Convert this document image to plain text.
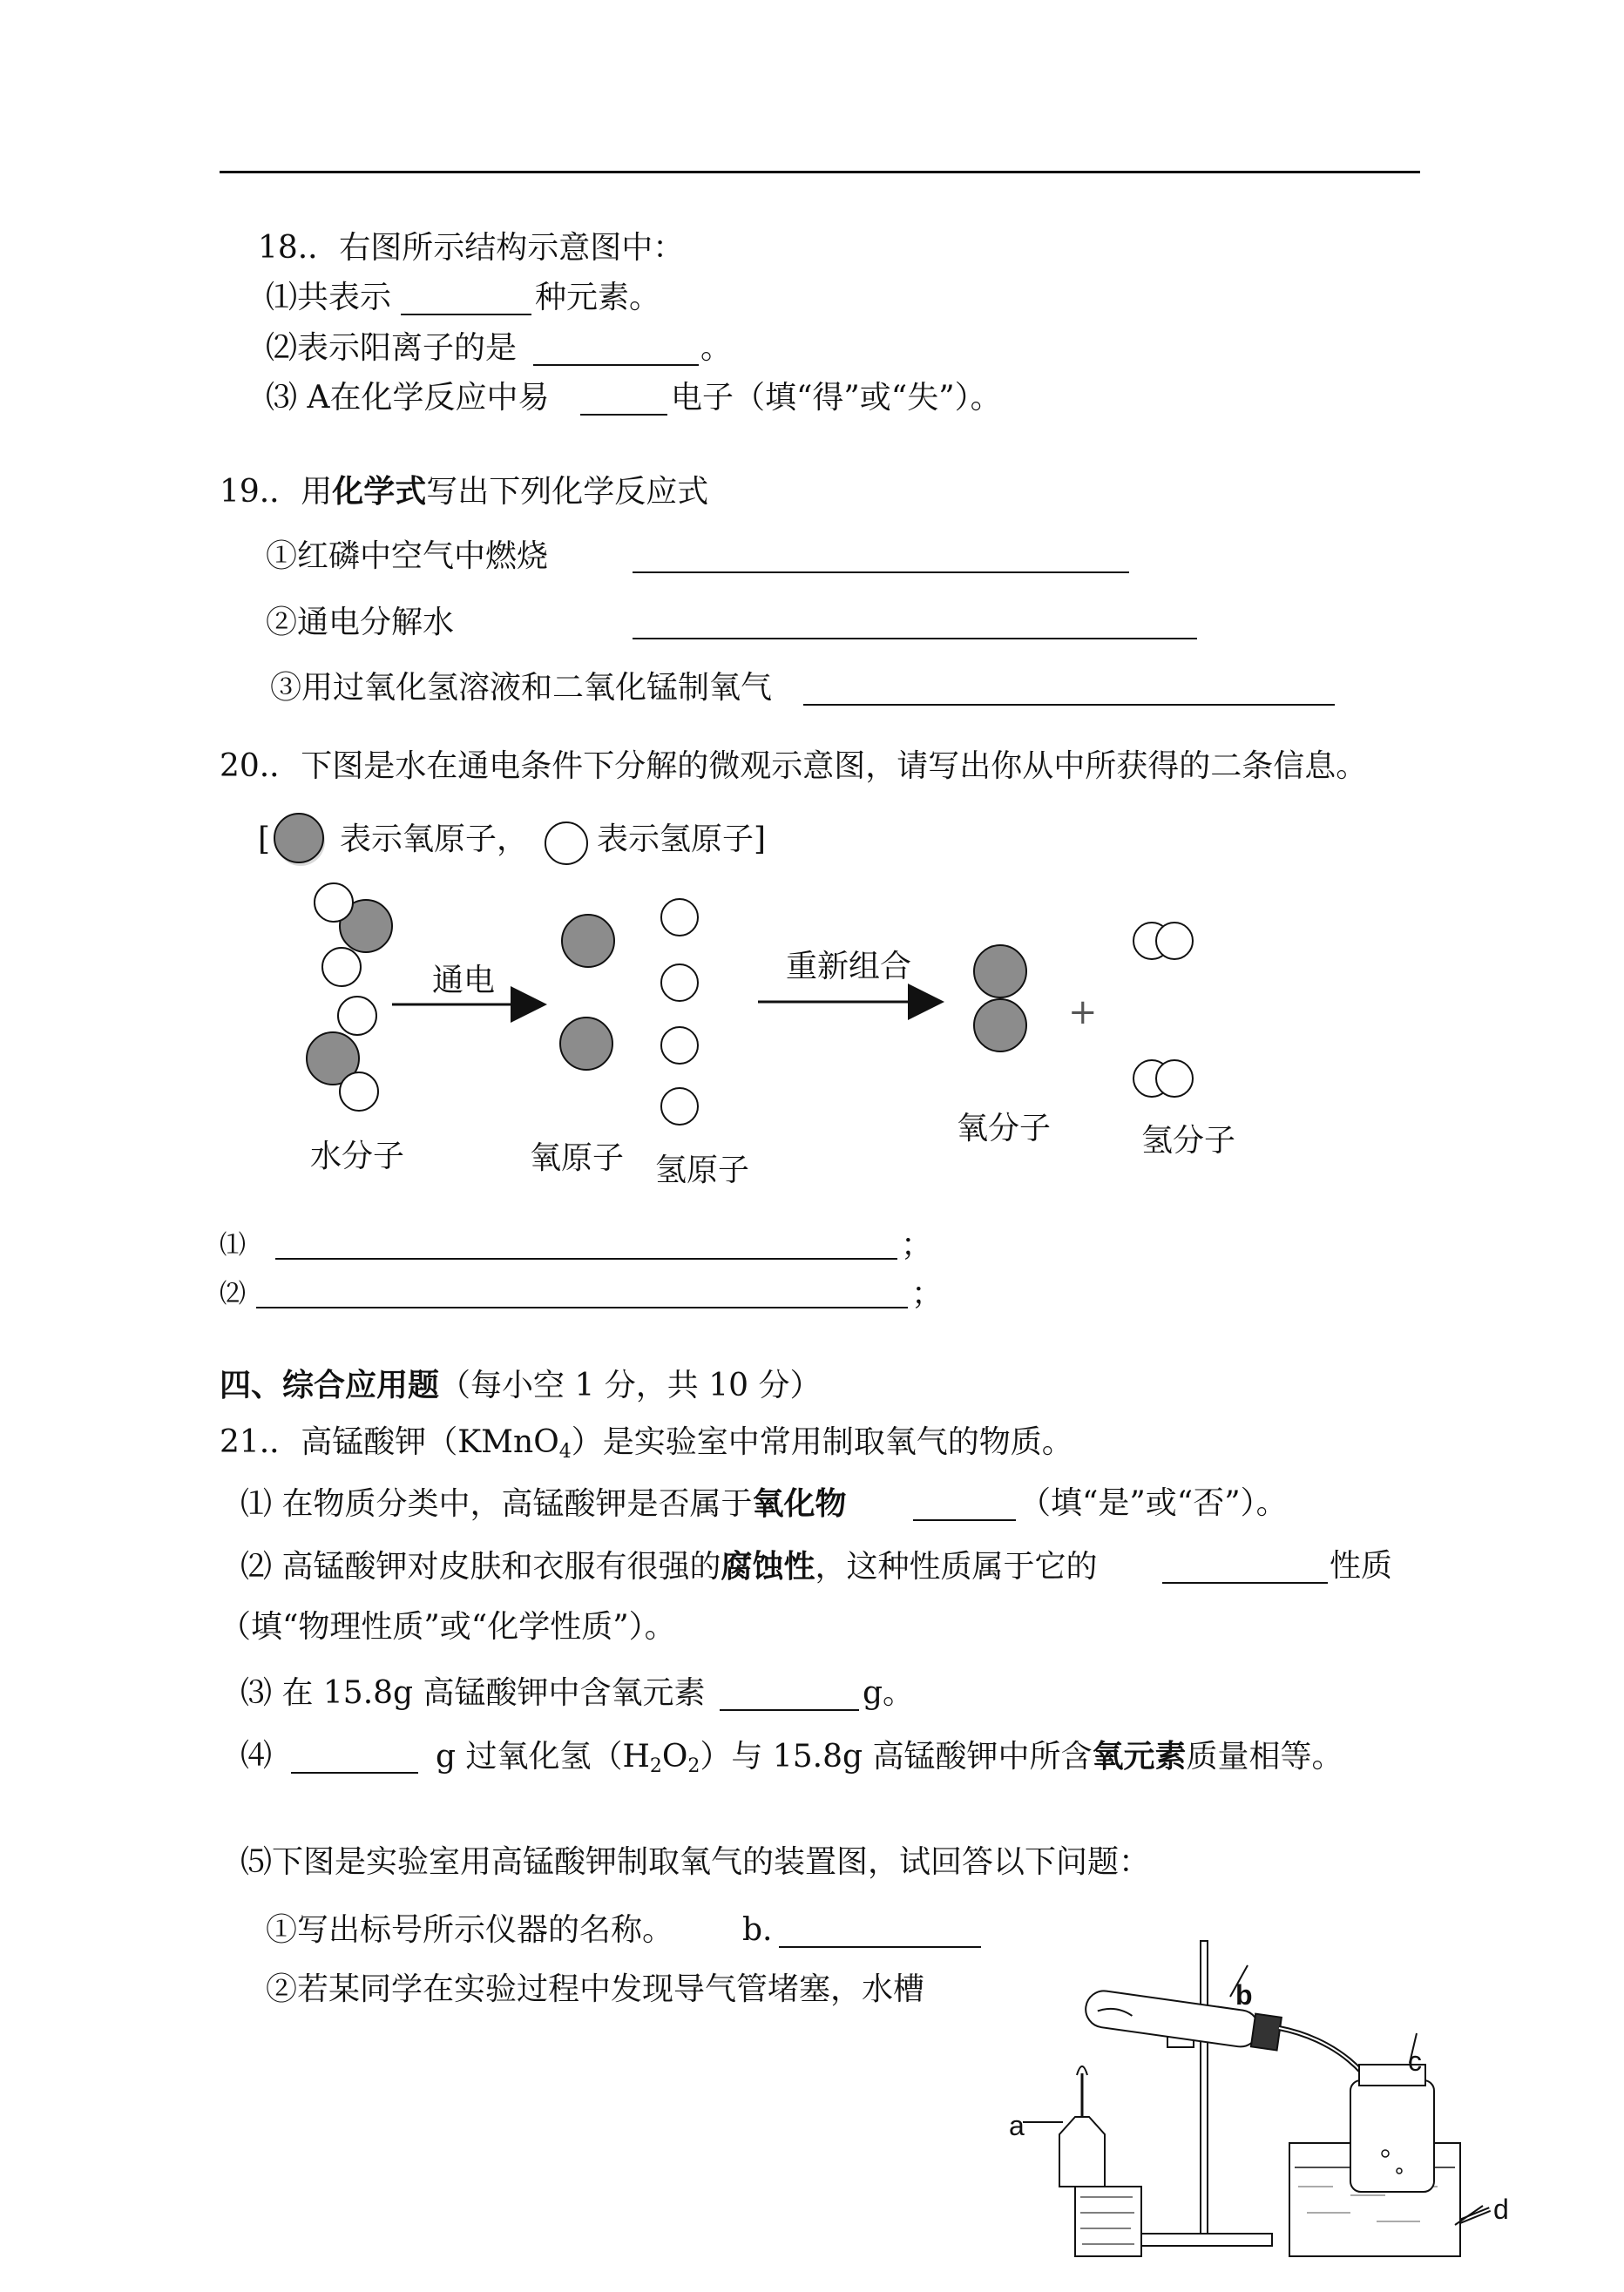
18.．右图所示结构示意图中：
⑴共表示	种元素。
⑵表示阳离子的是	。
⑶ A在化学反应中易	电子（填“得”或“失”）。
19.．用化学式写出下列化学反应式
①红磷中空气中燃烧
②通电分解水
③用过氧化氢溶液和二氧化锰制氧气
20.．下图是水在通电条件下分解的微观示意图，请写出你从中所获得的二条信息。
[ 表示氧原子， 表示氢原子]
通电	重新组合
+
水分子	氧原子 氢原子
氧分子	氢分子
⑴	；
⑵	；
四、综合应用题（每小空 1 分，共 10 分）
21.．高锰酸钾（KMnO$_4$）是实验室中常用制取氧气的物质。
⑴ 在物质分类中，高锰酸钾是否属于氧化物	（填“是”或“否”）。
⑵ 高锰酸钾对皮肤和衣服有很强的腐蚀性，这种性质属于它的	性质
（填“物理性质”或“化学性质”）。
⑶ 在 15.8g 高锰酸钾中含氧元素	g。
⑷	g 过氧化氢$(H_2O_2)$与 15.8g 高锰酸钾中所含氧元素质量相等。
⑸下图是实验室用高锰酸钾制取氧气的装置图，试回答以下问题：
①写出标号所示仪器的名称。 b.
②若某同学在实验过程中发现导气管堵塞，水槽
a
b
c
d
